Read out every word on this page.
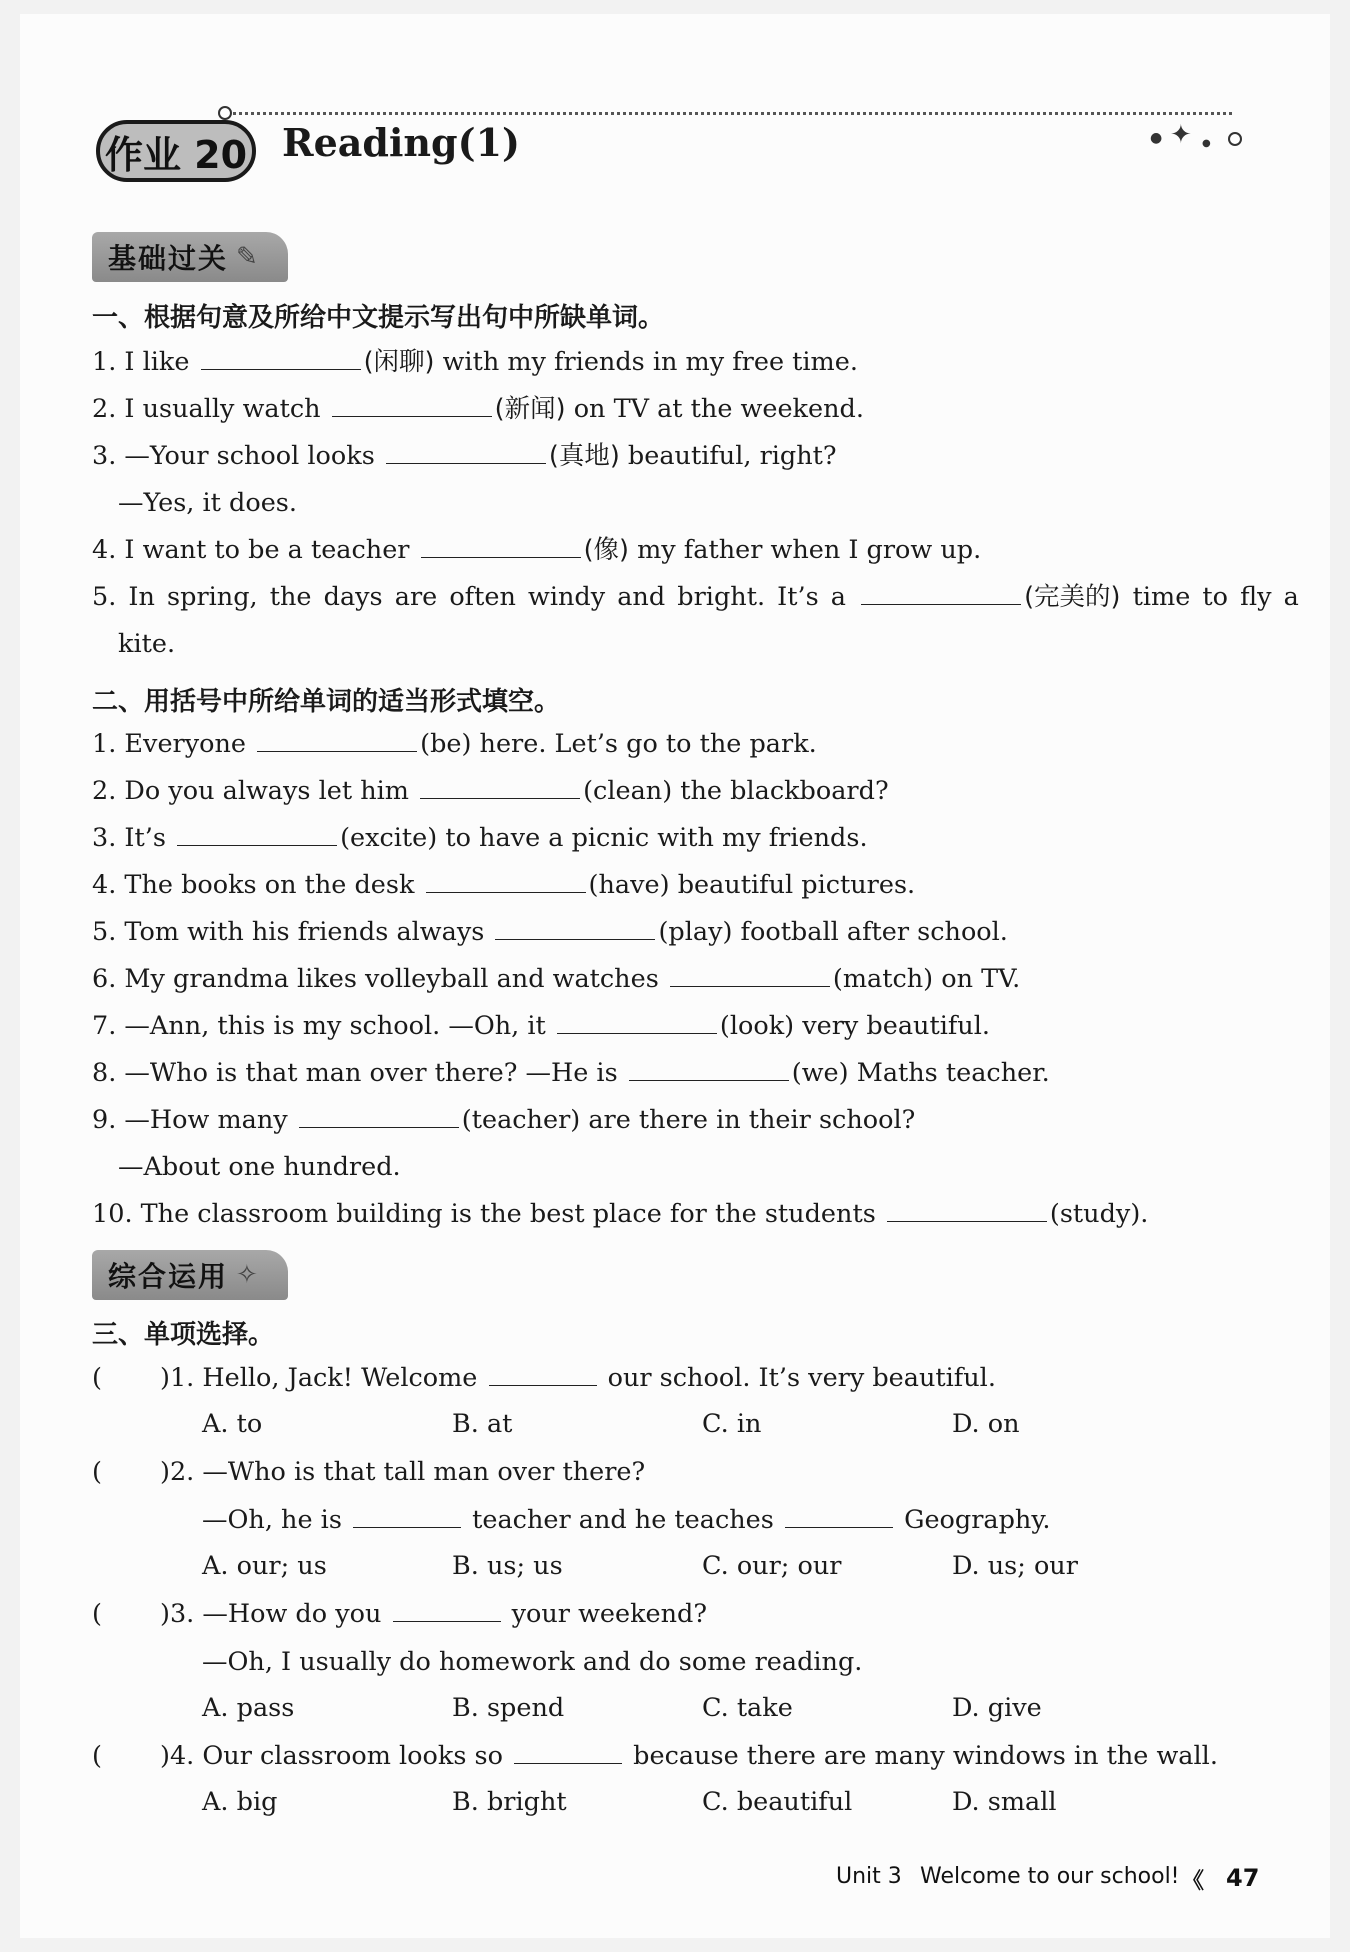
✦
●	●
作业 20 Reading(1)
基础过关 ✎
一、根据句意及所给中文提示写出句中所缺单词。
1. I like	(闲聊) with my friends in my free time.
2. I usually watch	(新闻) on TV at the weekend.
3. —Your school looks	(真地) beautiful, right?
—Yes, it does.
4. I want to be a teacher	(像) my father when I grow up.
5. In spring, the days are often windy and bright. It’s a	(完美的) time to fly a
kite.
二、用括号中所给单词的适当形式填空。
1. Everyone	(be) here. Let’s go to the park.
2. Do you always let him	(clean) the blackboard?
3. It’s	(excite) to have a picnic with my friends.
4. The books on the desk	(have) beautiful pictures.
5. Tom with his friends always	(play) football after school.
6. My grandma likes volleyball and watches	(match) on TV.
7. —Ann, this is my school. —Oh, it	(look) very beautiful.
8. —Who is that man over there? —He is	(we) Maths teacher.
9. —How many	(teacher) are there in their school?
—About one hundred.
10. The classroom building is the best place for the students	(study).
综合运用 ✧
三、单项选择。
( )1. Hello, Jack! Welcome	our school. It’s very beautiful.
A. to	B. at	C. in	D. on
( )2. —Who is that tall man over there?
—Oh, he is	teacher and he teaches	Geography.
A. our; us	B. us; us	C. our; our	D. us; our
( )3. —How do you	your weekend?
—Oh, I usually do homework and do some reading.
A. pass	B. spend	C. take	D. give
( )4. Our classroom looks so	because there are many windows in the wall.
A. big	B. bright	C. beautiful	D. small
Unit 3 Welcome to our school! 《 47
